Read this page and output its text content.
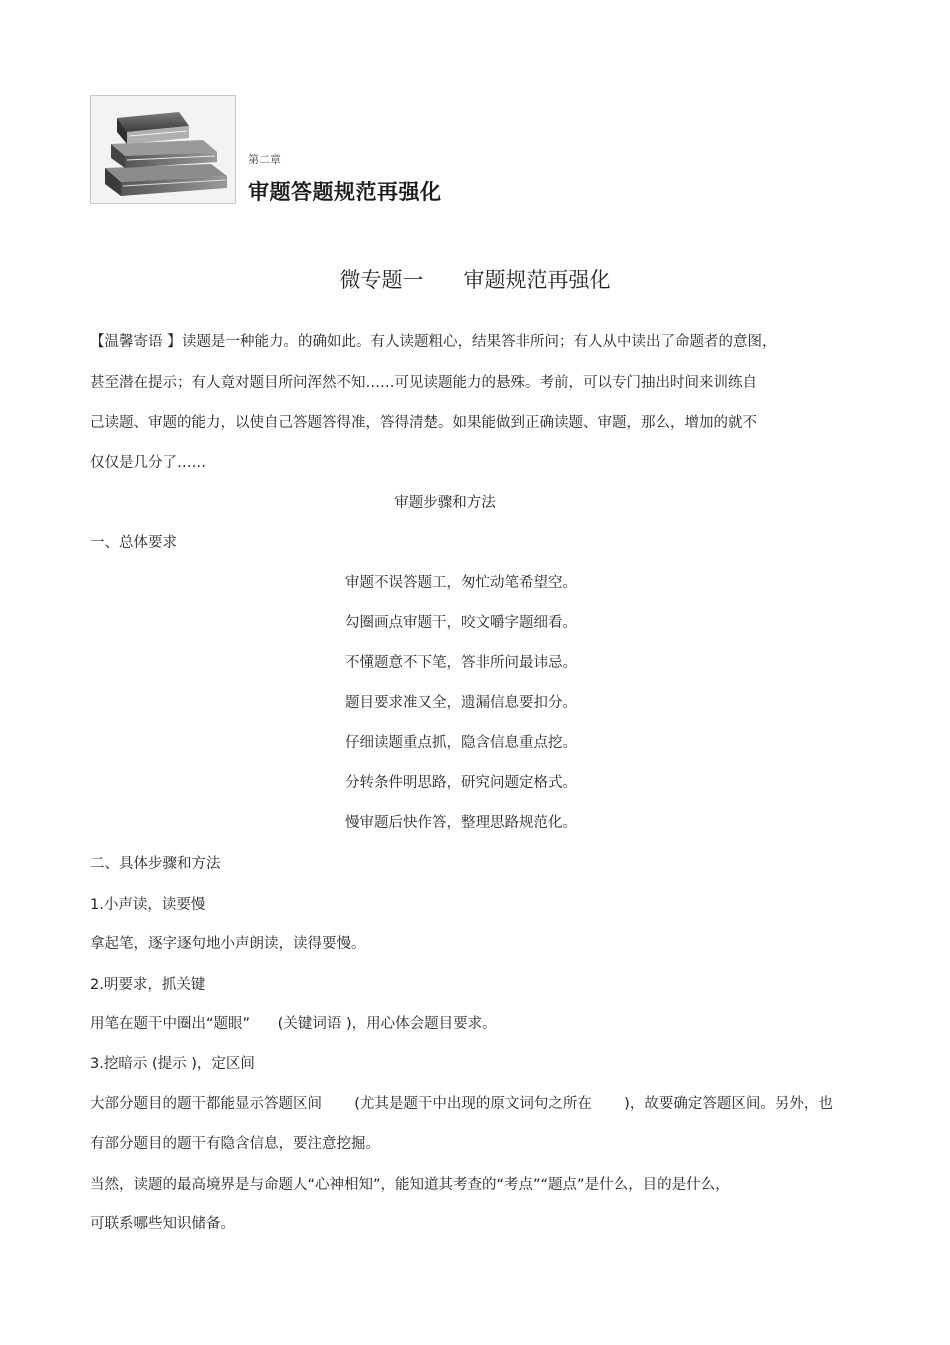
第二章
审题答题规范再强化
微专题一      审题规范再强化
【温馨寄语 】 读题是一种能力。的确如此。有人读题粗心，结果答非所问；有人从中读出了命题者的意图，
甚至潜在提示；有人竟对题目所问浑然不知……可见读题能力的悬殊。考前，可以专门抽出时间来训练自
己读题、审题的能力，以使自己答题答得准，答得清楚。如果能做到正确读题、审题，那么，增加的就不
仅仅是几分了……
审题步骤和方法
一、总体要求
审题不误答题工，匆忙动笔希望空。
勾圈画点审题干，咬文嚼字题细看。
不懂题意不下笔，答非所问最讳忌。
题目要求准又全，遗漏信息要扣分。
仔细读题重点抓，隐含信息重点挖。
分转条件明思路，研究问题定格式。
慢审题后快作答，整理思路规范化。
二、具体步骤和方法
1.小声读，读要慢
拿起笔，逐字逐句地小声朗读，读得要慢。
2.明要求，抓关键
用笔在题干中圈出“题眼”      (关键词语 )，用心体会题目要求。
3.挖暗示 (提示 )，定区间
大部分题目的题干都能显示答题区间       (尤其是题干中出现的原文词句之所在       )，故要确定答题区间。另外，也
有部分题目的题干有隐含信息，要注意挖掘。
当然，读题的最高境界是与命题人“心神相知”，能知道其考查的“考点”“题点”是什么，目的是什么，
可联系哪些知识储备。
